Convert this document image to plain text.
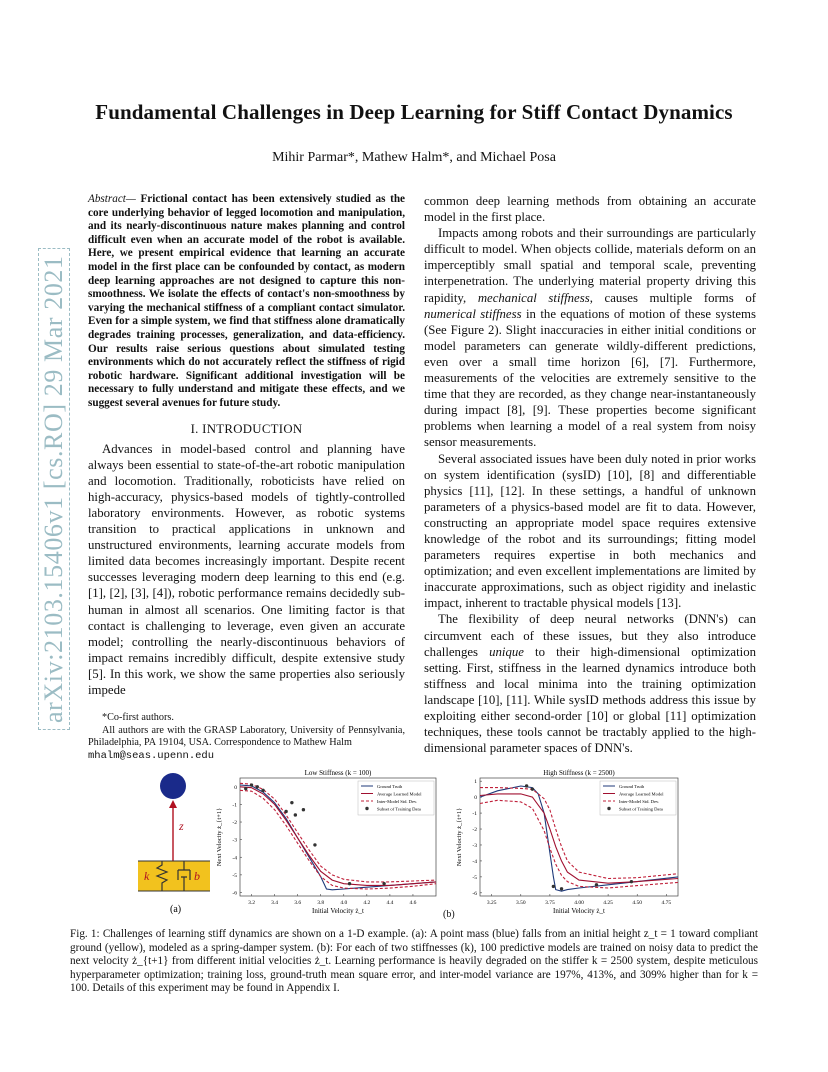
Fundamental Challenges in Deep Learning for Stiff Contact Dynamics
Mihir Parmar*, Mathew Halm*, and Michael Posa
arXiv:2103.15406v1 [cs.RO] 29 Mar 2021
Abstract— Frictional contact has been extensively studied as the core underlying behavior of legged locomotion and manipulation, and its nearly-discontinuous nature makes planning and control difficult even when an accurate model of the robot is available. Here, we present empirical evidence that learning an accurate model in the first place can be confounded by contact, as modern deep learning approaches are not designed to capture this non-smoothness. We isolate the effects of contact's non-smoothness by varying the mechanical stiffness of a compliant contact simulator. Even for a simple system, we find that stiffness alone dramatically degrades training processes, generalization, and data-efficiency. Our results raise serious questions about simulated testing environments which do not accurately reflect the stiffness of rigid robotic hardware. Significant additional investigation will be necessary to fully understand and mitigate these effects, and we suggest several avenues for future study.
I. INTRODUCTION

Advances in model-based control and planning have always been essential to state-of-the-art robotic manipulation and locomotion. Traditionally, roboticists have relied on high-accuracy, physics-based models of tightly-controlled laboratory environments. However, as robotic systems transition to practical applications in unknown and unstructured environments, learning accurate models from limited data becomes increasingly important. Despite recent successes leveraging modern deep learning to this end (e.g. [1], [2], [3], [4]), robotic performance remains decidedly sub-human in almost all scenarios. One limiting factor is that contact is challenging to leverage, even given an accurate model; controlling the nearly-discontinuous behaviors of impact remains incredibly difficult, despite extensive study [5]. In this work, we show the same properties also seriously impede

*Co-first authors.

All authors are with the GRASP Laboratory, University of Pennsylvania, Philadelphia, PA 19104, USA. Correspondence to Mathew Halm

mhalm@seas.upenn.edu

common deep learning methods from obtaining an accurate model in the first place.

Impacts among robots and their surroundings are particularly difficult to model. When objects collide, materials deform on an imperceptibly small spatial and temporal scale, preventing interpenetration. The underlying material property driving this rapidity, mechanical stiffness, causes multiple forms of numerical stiffness in the equations of motion of these systems (See Figure 2). Slight inaccuracies in either initial conditions or model parameters can generate wildly-different predictions, even over a small time horizon [6], [7]. Furthermore, measurements of the velocities are extremely sensitive to the time that they are recorded, as they change near-instantaneously during impact [8], [9]. These properties become significant problems when learning a model of a real system from noisy sensor measurements.

Several associated issues have been duly noted in prior works on system identification (sysID) [10], [8] and differentiable physics [11], [12]. In these settings, a handful of unknown parameters of a physics-based model are fit to data. However, constructing an appropriate model space requires extensive knowledge of the robot and its surroundings; fitting model parameters requires expertise in both mechanics and optimization; and even excellent implementations are limited by inaccurate approximations, such as object rigidity and inelastic impact, inherent to tractable physical models [13].

The flexibility of deep neural networks (DNN's) can circumvent each of these issues, but they also introduce challenges unique to their high-dimensional optimization setting. First, stiffness in the learned dynamics introduce both stiffness and local minima into the training optimization landscape [10], [11]. While sysID methods address this issue by exploiting either second-order [10] or global [11] optimization techniques, these tools cannot be tractably applied to the high-dimensional parameter spaces of DNN's.

z
k	b
(a)
Low Stiffness (k = 100)
3.2	3.4	3.6	3.8	4.0	4.2	4.4	4.6
0
-1
-2
-3
-4
-5
-6
Initial Velocity ż_t
Next Velocity ż_{t+1}
Ground Truth
Average Learned Model
Inter-Model Std. Dev.
Subset of Training Data
High Stiffness (k = 2500)
3.25	3.50	3.75	4.00	4.25	4.50	4.75
1
0
-1
-2
-3
-4
-5
-6
Initial Velocity ż_t
Next Velocity ż_{t+1}
Ground Truth
Average Learned Model
Inter-Model Std. Dev.
Subset of Training Data
(b)
Fig. 1: Challenges of learning stiff dynamics are shown on a 1-D example. (a): A point mass (blue) falls from an initial height z_t = 1 toward compliant ground (yellow), modeled as a spring-damper system. (b): For each of two stiffnesses (k), 100 predictive models are trained on noisy data to predict the next velocity ż_{t+1} from different initial velocities ż_t. Learning performance is heavily degraded on the stiffer k = 2500 system, despite meticulous hyperparameter optimization; training loss, ground-truth mean square error, and inter-model variance are 197%, 413%, and 309% higher than for k = 100. Details of this experiment may be found in Appendix I.
